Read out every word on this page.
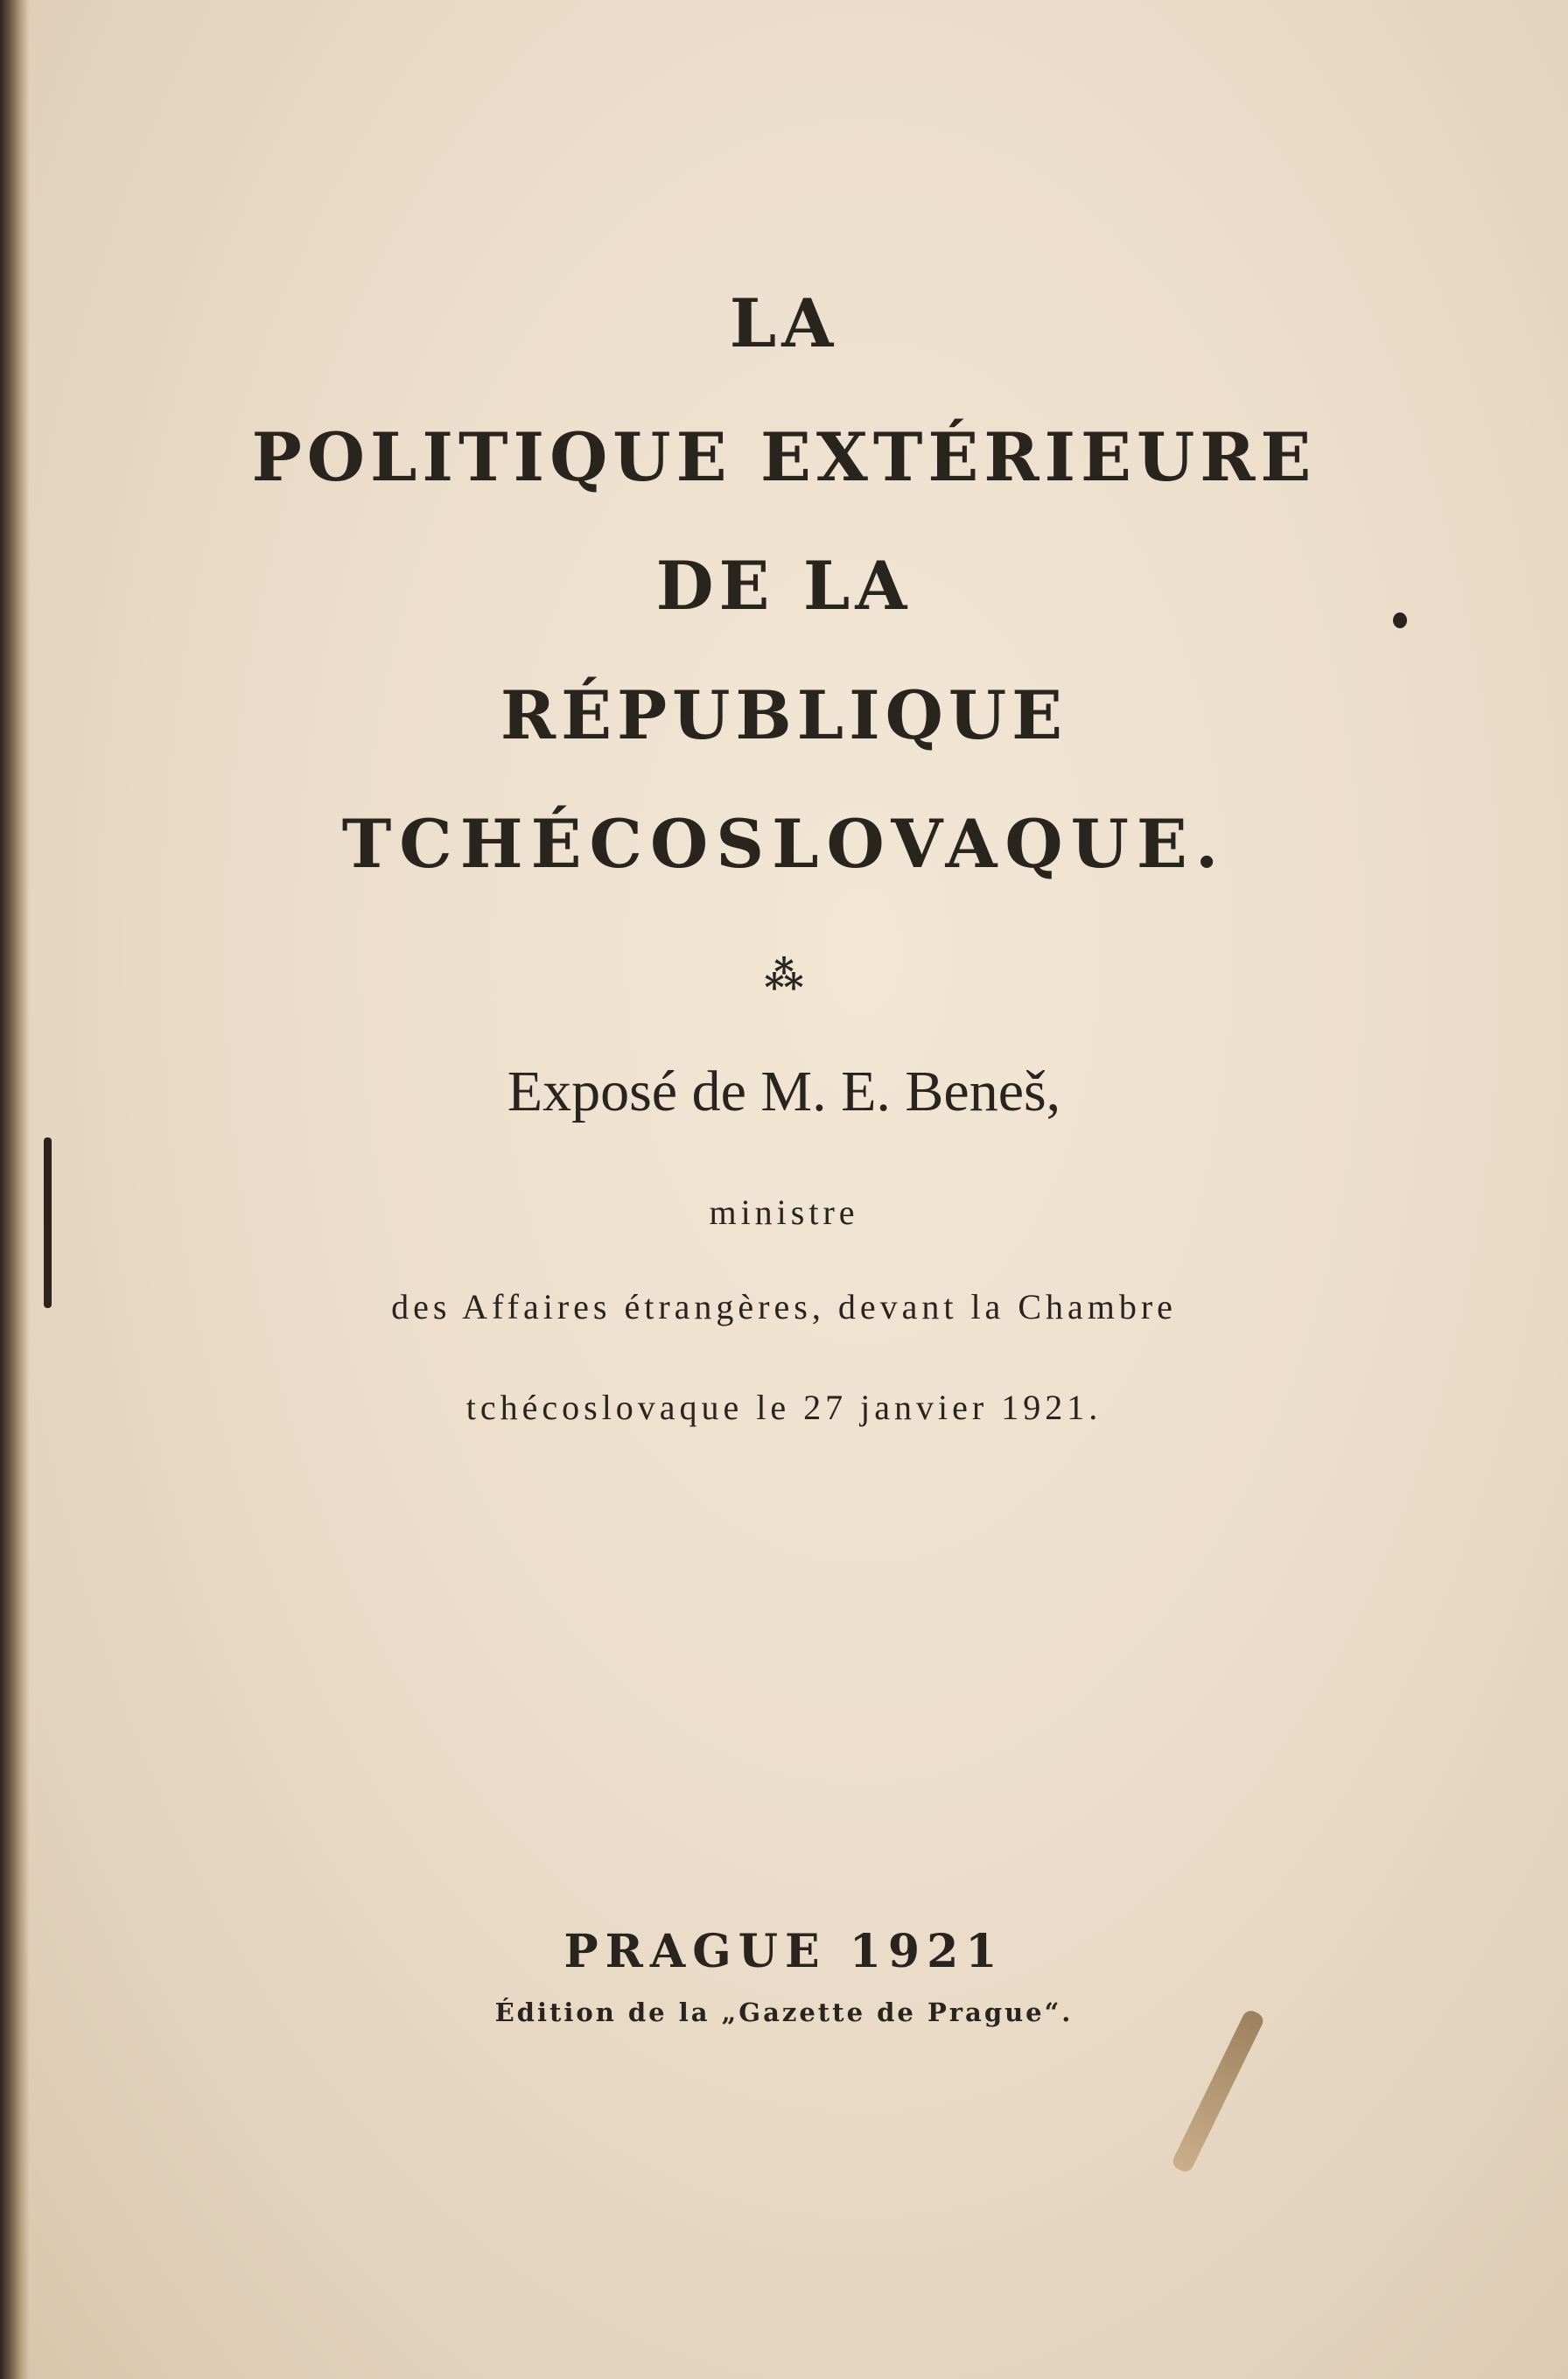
LA
POLITIQUE EXTÉRIEURE
DE LA
RÉPUBLIQUE
TCHÉCOSLOVAQUE.
⁂
Exposé de M. E. Beneš,
ministre
des Affaires étrangères, devant la Chambre
tchécoslovaque le 27 janvier 1921.
PRAGUE 1921
Édition de la „Gazette de Prague“.
